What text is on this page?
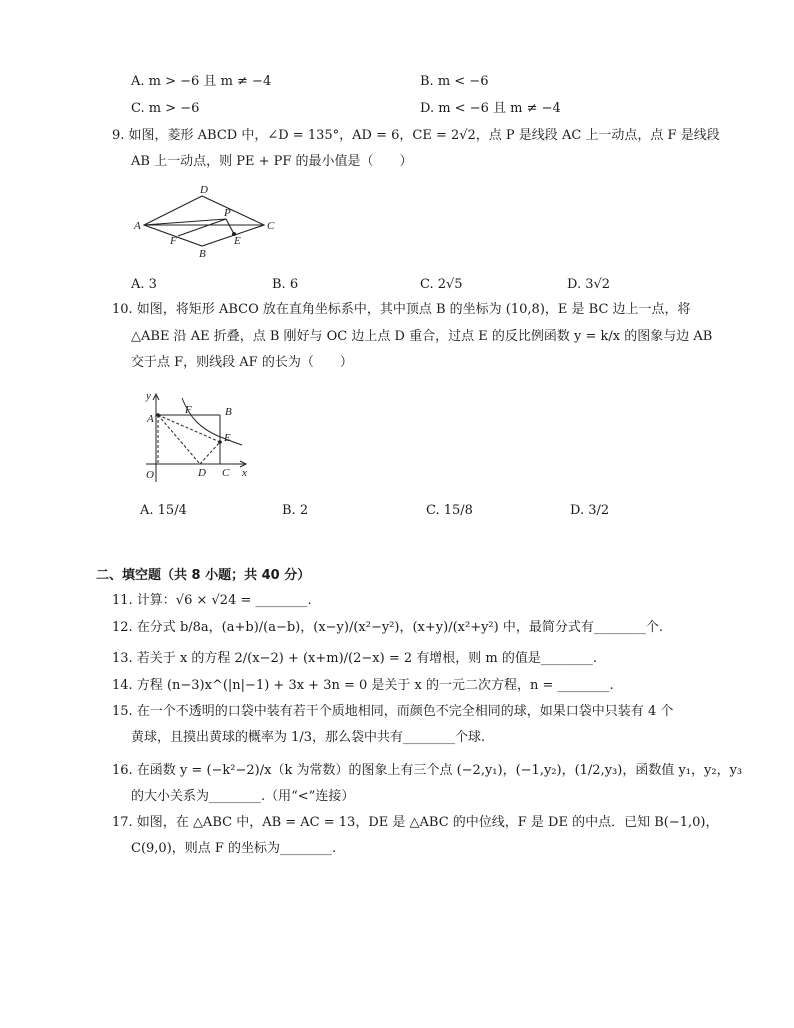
A. m > −6 且 m ≠ −4	B. m < −6
C. m > −6	D. m < −6 且 m ≠ −4
9. 如图，菱形 ABCD 中，∠D = 135°，AD = 6，CE = 2√2，点 P 是线段 AC 上一动点，点 F 是线段
AB 上一动点，则 PE + PF 的最小值是（　　）
A
D
C
B
P
F	E
A. 3	B. 6	C. 2√5	D. 3√2
10. 如图，将矩形 ABCO 放在直角坐标系中，其中顶点 B 的坐标为 (10,8)，E 是 BC 边上一点，将
△ABE 沿 AE 折叠，点 B 刚好与 OC 边上点 D 重合，过点 E 的反比例函数 y = k/x 的图象与边 AB
交于点 F，则线段 AF 的长为（　　）
y
x
O
A
F	B
E
D C
A. 15/4	B. 2	C. 15/8	D. 3/2
二、填空题（共 8 小题；共 40 分）
11. 计算：√6 × √24 = ________.
12. 在分式 b/8a，(a+b)/(a−b)，(x−y)/(x²−y²)，(x+y)/(x²+y²) 中，最简分式有________个.
13. 若关于 x 的方程 2/(x−2) + (x+m)/(2−x) = 2 有增根，则 m 的值是________.
14. 方程 (n−3)x^(|n|−1) + 3x + 3n = 0 是关于 x 的一元二次方程，n = ________.
15. 在一个不透明的口袋中装有若干个质地相同，而颜色不完全相同的球，如果口袋中只装有 4 个
黄球，且摸出黄球的概率为 1/3，那么袋中共有________个球.
16. 在函数 y = (−k²−2)/x（k 为常数）的图象上有三个点 (−2,y₁)，(−1,y₂)，(1/2,y₃)，函数值 y₁，y₂，y₃
的大小关系为________.（用“<”连接）
17. 如图，在 △ABC 中，AB = AC = 13，DE 是 △ABC 的中位线，F 是 DE 的中点．已知 B(−1,0)，
C(9,0)，则点 F 的坐标为________.
